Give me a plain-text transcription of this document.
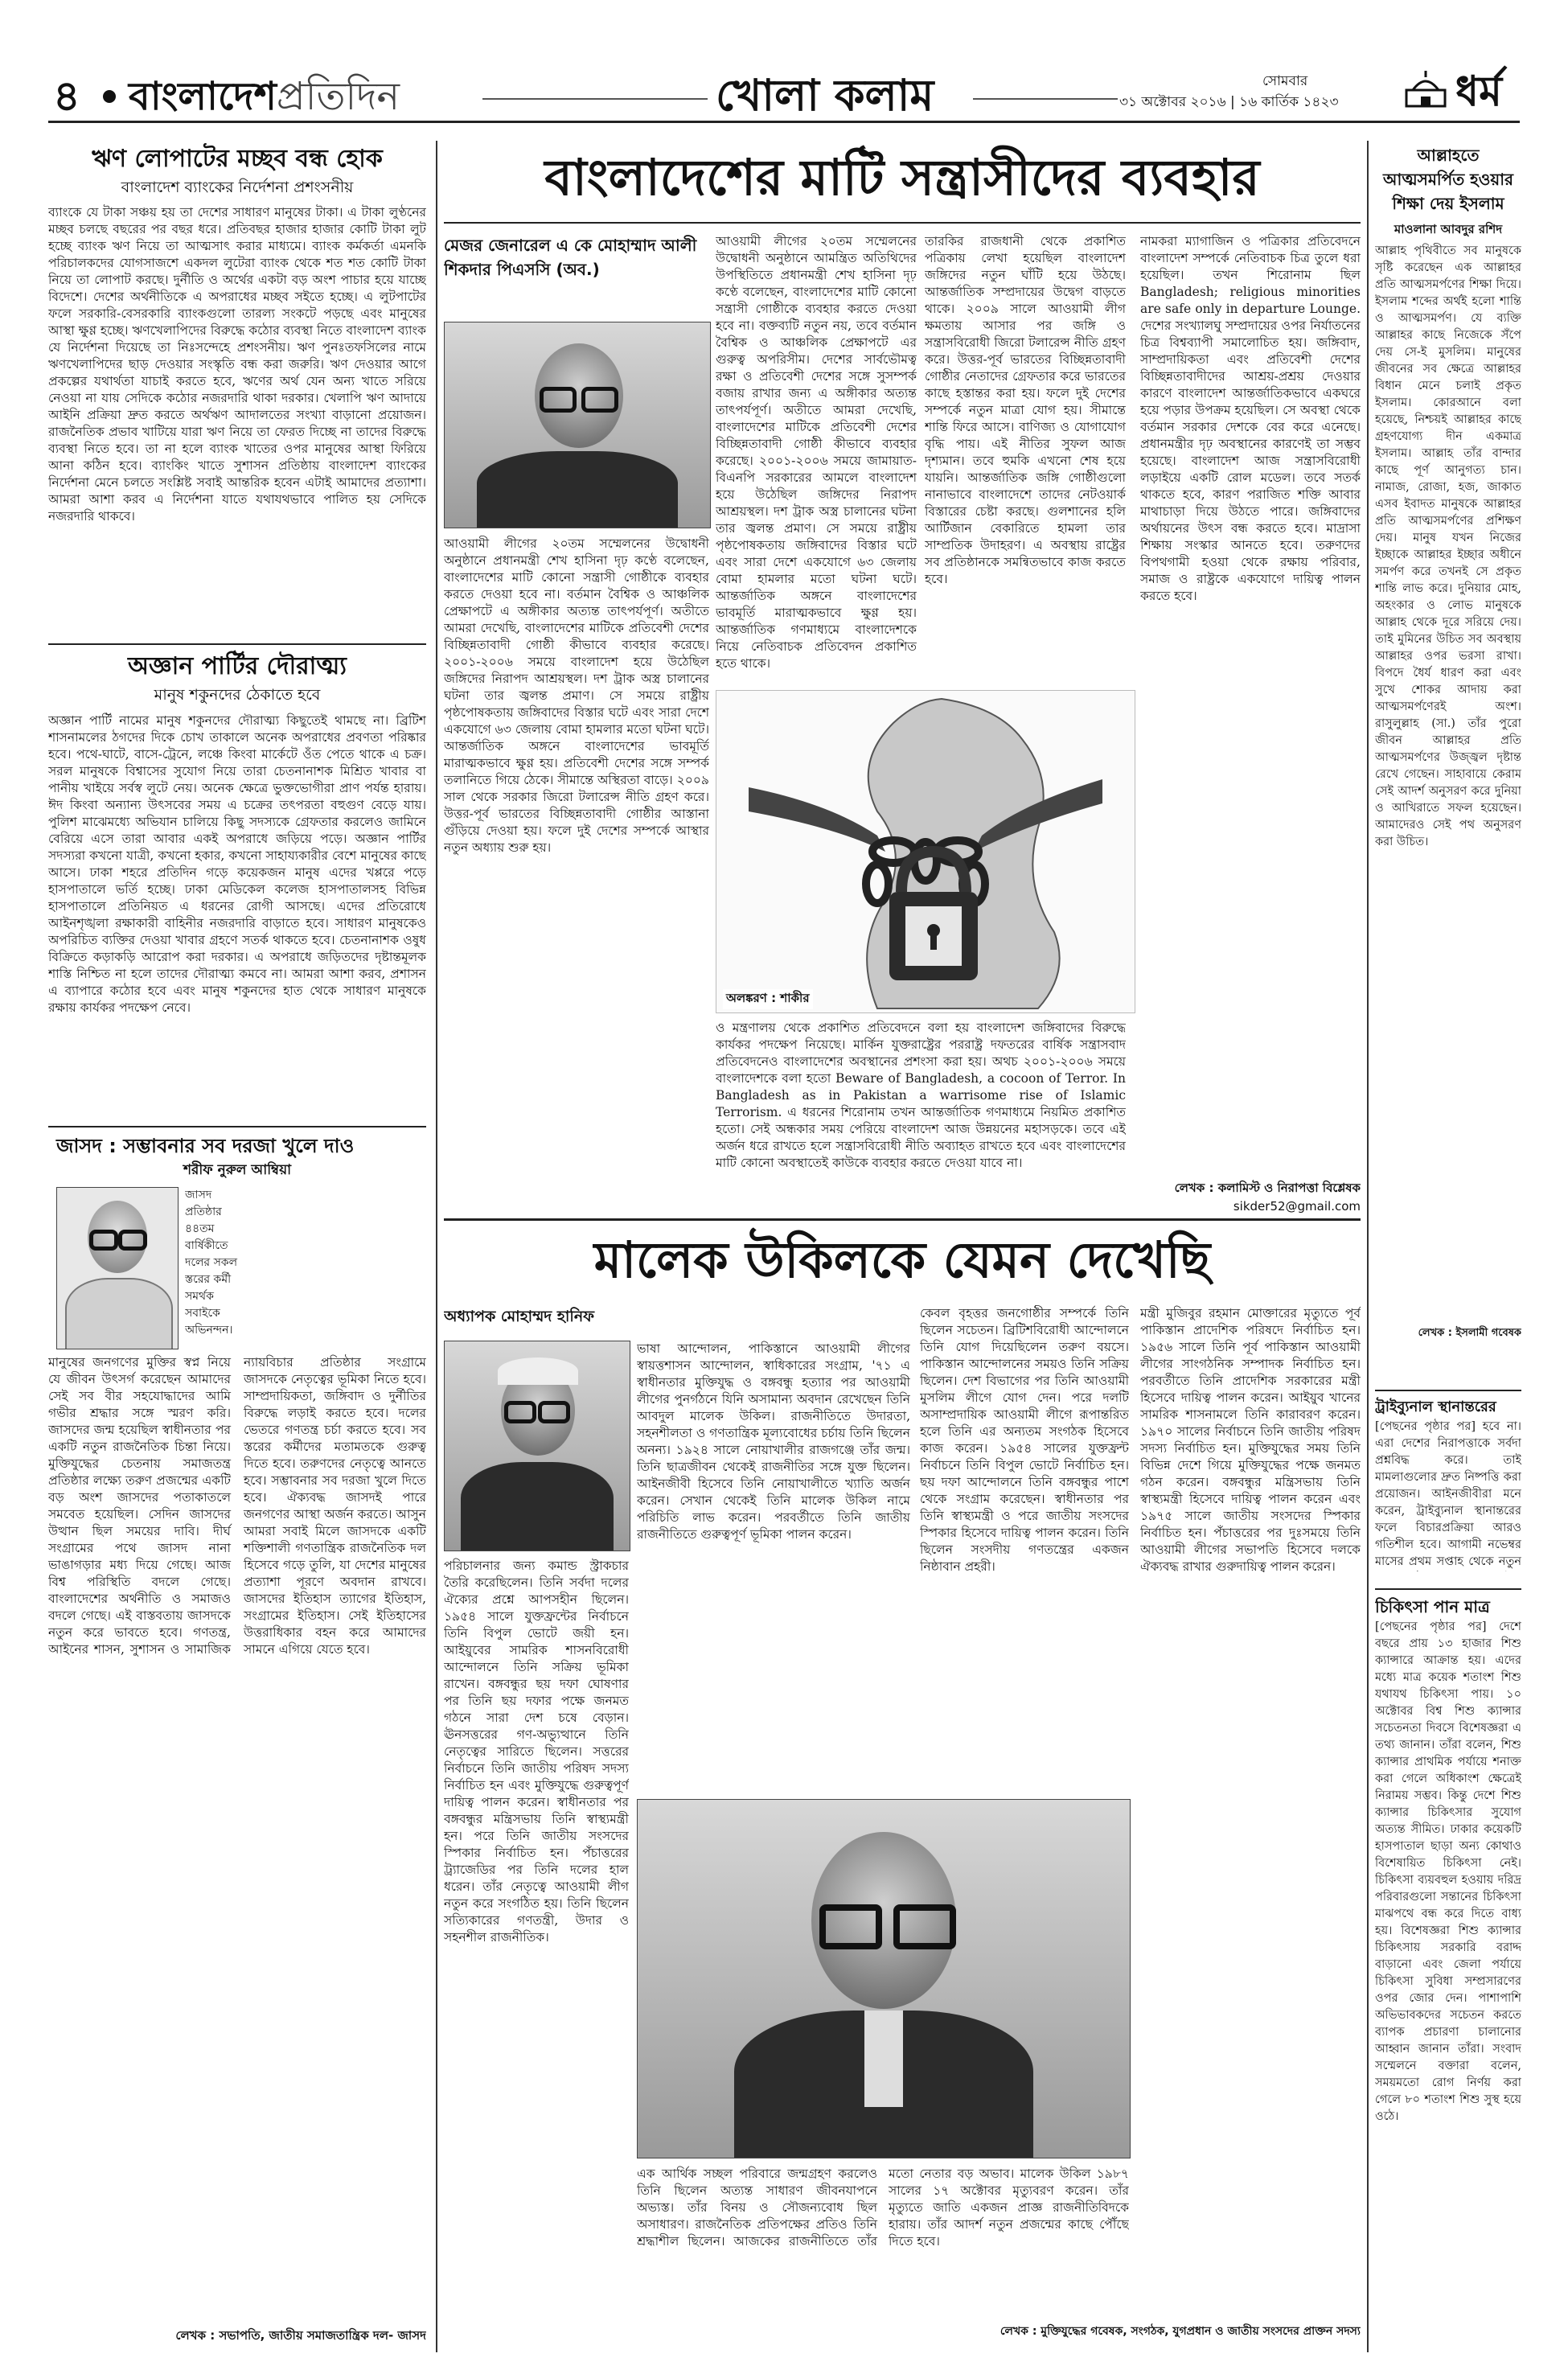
৪ বাংলাদেশপ্রতিদিন	খোলা কলাম	সোমবার
৩১ অক্টোবর ২০১৬ | ১৬ কার্তিক ১৪২৩	ধর্ম
ঋণ লোপাটের মচ্ছব বন্ধ হোক
বাংলাদেশ ব্যাংকের নির্দেশনা প্রশংসনীয়
ব্যাংকে যে টাকা সঞ্চয় হয় তা দেশের সাধারণ মানুষের টাকা। এ টাকা লুণ্ঠনের মচ্ছব চলছে বছরের পর বছর ধরে। প্রতিবছর হাজার হাজার কোটি টাকা লুট হচ্ছে ব্যাংক ঋণ নিয়ে তা আত্মসাৎ করার মাধ্যমে। ব্যাংক কর্মকর্তা এমনকি পরিচালকদের যোগসাজশে একদল লুটেরা ব্যাংক থেকে শত শত কোটি টাকা নিয়ে তা লোপাট করছে। দুর্নীতি ও অর্থের একটা বড় অংশ পাচার হয়ে যাচ্ছে বিদেশে। দেশের অর্থনীতিকে এ অপরাধের মচ্ছব সইতে হচ্ছে। এ লুটপাটের ফলে সরকারি-বেসরকারি ব্যাংকগুলো তারল্য সংকটে পড়ছে এবং মানুষের আস্থা ক্ষুণ্ণ হচ্ছে। ঋণখেলাপিদের বিরুদ্ধে কঠোর ব্যবস্থা নিতে বাংলাদেশ ব্যাংক যে নির্দেশনা দিয়েছে তা নিঃসন্দেহে প্রশংসনীয়। ঋণ পুনঃতফসিলের নামে ঋণখেলাপিদের ছাড় দেওয়ার সংস্কৃতি বন্ধ করা জরুরি। ঋণ দেওয়ার আগে প্রকল্পের যথার্থতা যাচাই করতে হবে, ঋণের অর্থ যেন অন্য খাতে সরিয়ে নেওয়া না যায় সেদিকে কঠোর নজরদারি থাকা দরকার। খেলাপি ঋণ আদায়ে আইনি প্রক্রিয়া দ্রুত করতে অর্থঋণ আদালতের সংখ্যা বাড়ানো প্রয়োজন। রাজনৈতিক প্রভাব খাটিয়ে যারা ঋণ নিয়ে তা ফেরত দিচ্ছে না তাদের বিরুদ্ধে ব্যবস্থা নিতে হবে। তা না হলে ব্যাংক খাতের ওপর মানুষের আস্থা ফিরিয়ে আনা কঠিন হবে। ব্যাংকিং খাতে সুশাসন প্রতিষ্ঠায় বাংলাদেশ ব্যাংকের নির্দেশনা মেনে চলতে সংশ্লিষ্ট সবাই আন্তরিক হবেন এটাই আমাদের প্রত্যাশা। আমরা আশা করব এ নির্দেশনা যাতে যথাযথভাবে পালিত হয় সেদিকে নজরদারি থাকবে।
অজ্ঞান পার্টির দৌরাত্ম্য
মানুষ শকুনদের ঠেকাতে হবে
অজ্ঞান পার্টি নামের মানুষ শকুনদের দৌরাত্ম্য কিছুতেই থামছে না। ব্রিটিশ শাসনামলের ঠগদের দিকে চোখ তাকালে অনেক অপরাধের প্রবণতা পরিষ্কার হবে। পথে-ঘাটে, বাসে-ট্রেনে, লঞ্চে কিংবা মার্কেটে ওঁত পেতে থাকে এ চক্র। সরল মানুষকে বিশ্বাসের সুযোগ নিয়ে তারা চেতনানাশক মিশ্রিত খাবার বা পানীয় খাইয়ে সর্বস্ব লুটে নেয়। অনেক ক্ষেত্রে ভুক্তভোগীরা প্রাণ পর্যন্ত হারায়। ঈদ কিংবা অন্যান্য উৎসবের সময় এ চক্রের তৎপরতা বহুগুণ বেড়ে যায়। পুলিশ মাঝেমধ্যে অভিযান চালিয়ে কিছু সদস্যকে গ্রেফতার করলেও জামিনে বেরিয়ে এসে তারা আবার একই অপরাধে জড়িয়ে পড়ে। অজ্ঞান পার্টির সদস্যরা কখনো যাত্রী, কখনো হকার, কখনো সাহায্যকারীর বেশে মানুষের কাছে আসে। ঢাকা শহরে প্রতিদিন গড়ে কয়েকজন মানুষ এদের খপ্পরে পড়ে হাসপাতালে ভর্তি হচ্ছে। ঢাকা মেডিকেল কলেজ হাসপাতালসহ বিভিন্ন হাসপাতালে প্রতিনিয়ত এ ধরনের রোগী আসছে। এদের প্রতিরোধে আইনশৃঙ্খলা রক্ষাকারী বাহিনীর নজরদারি বাড়াতে হবে। সাধারণ মানুষকেও অপরিচিত ব্যক্তির দেওয়া খাবার গ্রহণে সতর্ক থাকতে হবে। চেতনানাশক ওষুধ বিক্রিতে কড়াকড়ি আরোপ করা দরকার। এ অপরাধে জড়িতদের দৃষ্টান্তমূলক শাস্তি নিশ্চিত না হলে তাদের দৌরাত্ম্য কমবে না। আমরা আশা করব, প্রশাসন এ ব্যাপারে কঠোর হবে এবং মানুষ শকুনদের হাত থেকে সাধারণ মানুষকে রক্ষায় কার্যকর পদক্ষেপ নেবে।
জাসদ : সম্ভাবনার সব দরজা খুলে দাও
শরীফ নুরুল আম্বিয়া
জাসদ প্রতিষ্ঠার ৪৪তম বার্ষিকীতে দলের সকল স্তরের কর্মী সমর্থক সবাইকে অভিনন্দন।
মানুষের জনগণের মুক্তির স্বপ্ন নিয়ে যে জীবন উৎসর্গ করেছেন আমাদের সেই সব বীর সহযোদ্ধাদের আমি গভীর শ্রদ্ধার সঙ্গে স্মরণ করি। জাসদের জন্ম হয়েছিল স্বাধীনতার পর একটি নতুন রাজনৈতিক চিন্তা নিয়ে। মুক্তিযুদ্ধের চেতনায় সমাজতন্ত্র প্রতিষ্ঠার লক্ষ্যে তরুণ প্রজন্মের একটি বড় অংশ জাসদের পতাকাতলে সমবেত হয়েছিল। সেদিন জাসদের উত্থান ছিল সময়ের দাবি। দীর্ঘ সংগ্রামের পথে জাসদ নানা ভাঙাগড়ার মধ্য দিয়ে গেছে। আজ বিশ্ব পরিস্থিতি বদলে গেছে। বাংলাদেশের অর্থনীতি ও সমাজও বদলে গেছে। এই বাস্তবতায় জাসদকে নতুন করে ভাবতে হবে। গণতন্ত্র, আইনের শাসন, সুশাসন ও সামাজিক ন্যায়বিচার প্রতিষ্ঠার সংগ্রামে জাসদকে নেতৃত্বের ভূমিকা নিতে হবে। সাম্প্রদায়িকতা, জঙ্গিবাদ ও দুর্নীতির বিরুদ্ধে লড়াই করতে হবে। দলের ভেতরে গণতন্ত্র চর্চা করতে হবে। সব স্তরের কর্মীদের মতামতকে গুরুত্ব দিতে হবে। তরুণদের নেতৃত্বে আনতে হবে। সম্ভাবনার সব দরজা খুলে দিতে হবে। ঐক্যবদ্ধ জাসদই পারে জনগণের আস্থা অর্জন করতে। আসুন আমরা সবাই মিলে জাসদকে একটি শক্তিশালী গণতান্ত্রিক রাজনৈতিক দল হিসেবে গড়ে তুলি, যা দেশের মানুষের প্রত্যাশা পূরণে অবদান রাখবে। জাসদের ইতিহাস ত্যাগের ইতিহাস, সংগ্রামের ইতিহাস। সেই ইতিহাসের উত্তরাধিকার বহন করে আমাদের সামনে এগিয়ে যেতে হবে।
লেখক : সভাপতি, জাতীয় সমাজতান্ত্রিক দল- জাসদ
বাংলাদেশের মাটি সন্ত্রাসীদের ব্যবহার
মেজর জেনারেল এ কে মোহাম্মাদ আলী শিকদার পিএসসি (অব.)
আওয়ামী লীগের ২০তম সম্মেলনের উদ্বোধনী অনুষ্ঠানে আমন্ত্রিত অতিথিদের উপস্থিতিতে প্রধানমন্ত্রী শেখ হাসিনা দৃঢ় কণ্ঠে বলেছেন, বাংলাদেশের মাটি কোনো সন্ত্রাসী গোষ্ঠীকে ব্যবহার করতে দেওয়া হবে না। বক্তব্যটি নতুন নয়, তবে বর্তমান বৈশ্বিক ও আঞ্চলিক প্রেক্ষাপটে এর গুরুত্ব অপরিসীম। দেশের সার্বভৌমত্ব রক্ষা ও প্রতিবেশী দেশের সঙ্গে সুসম্পর্ক বজায় রাখার জন্য এ অঙ্গীকার অত্যন্ত তাৎপর্যপূর্ণ। অতীতে আমরা দেখেছি, বাংলাদেশের মাটিকে প্রতিবেশী দেশের বিচ্ছিন্নতাবাদী গোষ্ঠী কীভাবে ব্যবহার করেছে। ২০০১-২০০৬ সময়ে জামায়াত-বিএনপি সরকারের আমলে বাংলাদেশ হয়ে উঠেছিল জঙ্গিদের নিরাপদ আশ্রয়স্থল। দশ ট্রাক অস্ত্র চালানের ঘটনা তার জ্বলন্ত প্রমাণ। সে সময়ে রাষ্ট্রীয় পৃষ্ঠপোষকতায় জঙ্গিবাদের বিস্তার ঘটে এবং সারা দেশে একযোগে ৬৩ জেলায় বোমা হামলার মতো ঘটনা ঘটে। আন্তর্জাতিক অঙ্গনে বাংলাদেশের ভাবমূর্তি মারাত্মকভাবে ক্ষুণ্ণ হয়। আন্তর্জাতিক গণমাধ্যমে বাংলাদেশকে নিয়ে নেতিবাচক প্রতিবেদন প্রকাশিত হতে থাকে।
আওয়ামী লীগের ২০তম সম্মেলনের উদ্বোধনী অনুষ্ঠানে প্রধানমন্ত্রী শেখ হাসিনা দৃঢ় কণ্ঠে বলেছেন, বাংলাদেশের মাটি কোনো সন্ত্রাসী গোষ্ঠীকে ব্যবহার করতে দেওয়া হবে না। বর্তমান বৈশ্বিক ও আঞ্চলিক প্রেক্ষাপটে এ অঙ্গীকার অত্যন্ত তাৎপর্যপূর্ণ। অতীতে আমরা দেখেছি, বাংলাদেশের মাটিকে প্রতিবেশী দেশের বিচ্ছিন্নতাবাদী গোষ্ঠী কীভাবে ব্যবহার করেছে। ২০০১-২০০৬ সময়ে বাংলাদেশ হয়ে উঠেছিল জঙ্গিদের নিরাপদ আশ্রয়স্থল। দশ ট্রাক অস্ত্র চালানের ঘটনা তার জ্বলন্ত প্রমাণ। সে সময়ে রাষ্ট্রীয় পৃষ্ঠপোষকতায় জঙ্গিবাদের বিস্তার ঘটে এবং সারা দেশে একযোগে ৬৩ জেলায় বোমা হামলার মতো ঘটনা ঘটে। আন্তর্জাতিক অঙ্গনে বাংলাদেশের ভাবমূর্তি মারাত্মকভাবে ক্ষুণ্ণ হয়। প্রতিবেশী দেশের সঙ্গে সম্পর্ক তলানিতে গিয়ে ঠেকে। সীমান্তে অস্থিরতা বাড়ে। ২০০৯ সাল থেকে সরকার জিরো টলারেন্স নীতি গ্রহণ করে। উত্তর-পূর্ব ভারতের বিচ্ছিন্নতাবাদী গোষ্ঠীর আস্তানা গুঁড়িয়ে দেওয়া হয়। ফলে দুই দেশের সম্পর্কে আস্থার নতুন অধ্যায় শুরু হয়।
তারকির রাজধানী থেকে প্রকাশিত পত্রিকায় লেখা হয়েছিল বাংলাদেশ জঙ্গিদের নতুন ঘাঁটি হয়ে উঠছে। আন্তর্জাতিক সম্প্রদায়ের উদ্বেগ বাড়তে থাকে। ২০০৯ সালে আওয়ামী লীগ ক্ষমতায় আসার পর জঙ্গি ও সন্ত্রাসবিরোধী জিরো টলারেন্স নীতি গ্রহণ করে। উত্তর-পূর্ব ভারতের বিচ্ছিন্নতাবাদী গোষ্ঠীর নেতাদের গ্রেফতার করে ভারতের কাছে হস্তান্তর করা হয়। ফলে দুই দেশের সম্পর্কে নতুন মাত্রা যোগ হয়। সীমান্তে শান্তি ফিরে আসে। বাণিজ্য ও যোগাযোগ বৃদ্ধি পায়। এই নীতির সুফল আজ দৃশ্যমান। তবে হুমকি এখনো শেষ হয়ে যায়নি। আন্তর্জাতিক জঙ্গি গোষ্ঠীগুলো নানাভাবে বাংলাদেশে তাদের নেটওয়ার্ক বিস্তারের চেষ্টা করছে। গুলশানের হলি আর্টিজান বেকারিতে হামলা তার সাম্প্রতিক উদাহরণ। এ অবস্থায় রাষ্ট্রের সব প্রতিষ্ঠানকে সমন্বিতভাবে কাজ করতে হবে।
নামকরা ম্যাগাজিন ও পত্রিকার প্রতিবেদনে বাংলাদেশ সম্পর্কে নেতিবাচক চিত্র তুলে ধরা হয়েছিল। তখন শিরোনাম ছিল Bangladesh; religious minorities are safe only in departure Lounge. দেশের সংখ্যালঘু সম্প্রদায়ের ওপর নির্যাতনের চিত্র বিশ্বব্যাপী সমালোচিত হয়। জঙ্গিবাদ, সাম্প্রদায়িকতা এবং প্রতিবেশী দেশের বিচ্ছিন্নতাবাদীদের আশ্রয়-প্রশ্রয় দেওয়ার কারণে বাংলাদেশ আন্তর্জাতিকভাবে একঘরে হয়ে পড়ার উপক্রম হয়েছিল। সে অবস্থা থেকে বর্তমান সরকার দেশকে বের করে এনেছে। প্রধানমন্ত্রীর দৃঢ় অবস্থানের কারণেই তা সম্ভব হয়েছে। বাংলাদেশ আজ সন্ত্রাসবিরোধী লড়াইয়ে একটি রোল মডেল। তবে সতর্ক থাকতে হবে, কারণ পরাজিত শক্তি আবার মাথাচাড়া দিয়ে উঠতে পারে। জঙ্গিবাদের অর্থায়নের উৎস বন্ধ করতে হবে। মাদ্রাসা শিক্ষায় সংস্কার আনতে হবে। তরুণদের বিপথগামী হওয়া থেকে রক্ষায় পরিবার, সমাজ ও রাষ্ট্রকে একযোগে দায়িত্ব পালন করতে হবে।
অলঙ্করণ : শাকীর
ও মন্ত্রণালয় থেকে প্রকাশিত প্রতিবেদনে বলা হয় বাংলাদেশ জঙ্গিবাদের বিরুদ্ধে কার্যকর পদক্ষেপ নিয়েছে। মার্কিন যুক্তরাষ্ট্রের পররাষ্ট্র দফতরের বার্ষিক সন্ত্রাসবাদ প্রতিবেদনেও বাংলাদেশের অবস্থানের প্রশংসা করা হয়। অথচ ২০০১-২০০৬ সময়ে বাংলাদেশকে বলা হতো Beware of Bangladesh, a cocoon of Terror. In Bangladesh as in Pakistan a warrisome rise of Islamic Terrorism. এ ধরনের শিরোনাম তখন আন্তর্জাতিক গণমাধ্যমে নিয়মিত প্রকাশিত হতো। সেই অন্ধকার সময় পেরিয়ে বাংলাদেশ আজ উন্নয়নের মহাসড়কে। তবে এই অর্জন ধরে রাখতে হলে সন্ত্রাসবিরোধী নীতি অব্যাহত রাখতে হবে এবং বাংলাদেশের মাটি কোনো অবস্থাতেই কাউকে ব্যবহার করতে দেওয়া যাবে না।
লেখক : কলামিস্ট ও নিরাপত্তা বিশ্লেষক
sikder52@gmail.com
মালেক উকিলকে যেমন দেখেছি
অধ্যাপক মোহাম্মদ হানিফ
ভাষা আন্দোলন, পাকিস্তানে আওয়ামী লীগের স্বায়ত্তশাসন আন্দোলন, স্বাধিকারের সংগ্রাম, '৭১ এ স্বাধীনতার মুক্তিযুদ্ধ ও বঙ্গবন্ধু হত্যার পর আওয়ামী লীগের পুনর্গঠনে যিনি অসামান্য অবদান রেখেছেন তিনি আবদুল মালেক উকিল। রাজনীতিতে উদারতা, সহনশীলতা ও গণতান্ত্রিক মূল্যবোধের চর্চায় তিনি ছিলেন অনন্য। ১৯২৪ সালে নোয়াখালীর রাজগঞ্জে তাঁর জন্ম। তিনি ছাত্রজীবন থেকেই রাজনীতির সঙ্গে যুক্ত ছিলেন। আইনজীবী হিসেবে তিনি নোয়াখালীতে খ্যাতি অর্জন করেন। সেখান থেকেই তিনি মালেক উকিল নামে পরিচিতি লাভ করেন। পরবর্তীতে তিনি জাতীয় রাজনীতিতে গুরুত্বপূর্ণ ভূমিকা পালন করেন।
পরিচালনার জন্য কমান্ড স্ট্রাকচার তৈরি করেছিলেন। তিনি সর্বদা দলের ঐক্যের প্রশ্নে আপসহীন ছিলেন। ১৯৫৪ সালে যুক্তফ্রন্টের নির্বাচনে তিনি বিপুল ভোটে জয়ী হন। আইয়ুবের সামরিক শাসনবিরোধী আন্দোলনে তিনি সক্রিয় ভূমিকা রাখেন। বঙ্গবন্ধুর ছয় দফা ঘোষণার পর তিনি ছয় দফার পক্ষে জনমত গঠনে সারা দেশ চষে বেড়ান। ঊনসত্তরের গণ-অভ্যুত্থানে তিনি নেতৃত্বের সারিতে ছিলেন। সত্তরের নির্বাচনে তিনি জাতীয় পরিষদ সদস্য নির্বাচিত হন এবং মুক্তিযুদ্ধে গুরুত্বপূর্ণ দায়িত্ব পালন করেন। স্বাধীনতার পর বঙ্গবন্ধুর মন্ত্রিসভায় তিনি স্বাস্থ্যমন্ত্রী হন। পরে তিনি জাতীয় সংসদের স্পিকার নির্বাচিত হন। পঁচাত্তরের ট্র্যাজেডির পর তিনি দলের হাল ধরেন। তাঁর নেতৃত্বে আওয়ামী লীগ নতুন করে সংগঠিত হয়। তিনি ছিলেন সত্যিকারের গণতন্ত্রী, উদার ও সহনশীল রাজনীতিক।
কেবল বৃহত্তর জনগোষ্ঠীর সম্পর্কে তিনি ছিলেন সচেতন। ব্রিটিশবিরোধী আন্দোলনে তিনি যোগ দিয়েছিলেন তরুণ বয়সে। পাকিস্তান আন্দোলনের সময়ও তিনি সক্রিয় ছিলেন। দেশ বিভাগের পর তিনি আওয়ামী মুসলিম লীগে যোগ দেন। পরে দলটি অসাম্প্রদায়িক আওয়ামী লীগে রূপান্তরিত হলে তিনি এর অন্যতম সংগঠক হিসেবে কাজ করেন। ১৯৫৪ সালের যুক্তফ্রন্ট নির্বাচনে তিনি বিপুল ভোটে নির্বাচিত হন। ছয় দফা আন্দোলনে তিনি বঙ্গবন্ধুর পাশে থেকে সংগ্রাম করেছেন। স্বাধীনতার পর তিনি স্বাস্থ্যমন্ত্রী ও পরে জাতীয় সংসদের স্পিকার হিসেবে দায়িত্ব পালন করেন। তিনি ছিলেন সংসদীয় গণতন্ত্রের একজন নিষ্ঠাবান প্রহরী।
মন্ত্রী মুজিবুর রহমান মোক্তারের মৃত্যুতে পূর্ব পাকিস্তান প্রাদেশিক পরিষদে নির্বাচিত হন। ১৯৫৬ সালে তিনি পূর্ব পাকিস্তান আওয়ামী লীগের সাংগঠনিক সম্পাদক নির্বাচিত হন। পরবর্তীতে তিনি প্রাদেশিক সরকারের মন্ত্রী হিসেবে দায়িত্ব পালন করেন। আইয়ুব খানের সামরিক শাসনামলে তিনি কারাবরণ করেন। ১৯৭০ সালের নির্বাচনে তিনি জাতীয় পরিষদ সদস্য নির্বাচিত হন। মুক্তিযুদ্ধের সময় তিনি বিভিন্ন দেশে গিয়ে মুক্তিযুদ্ধের পক্ষে জনমত গঠন করেন। বঙ্গবন্ধুর মন্ত্রিসভায় তিনি স্বাস্থ্যমন্ত্রী হিসেবে দায়িত্ব পালন করেন এবং ১৯৭৫ সালে জাতীয় সংসদের স্পিকার নির্বাচিত হন। পঁচাত্তরের পর দুঃসময়ে তিনি আওয়ামী লীগের সভাপতি হিসেবে দলকে ঐক্যবদ্ধ রাখার গুরুদায়িত্ব পালন করেন।
এক আর্থিক সচ্ছল পরিবারে জন্মগ্রহণ করলেও তিনি ছিলেন অত্যন্ত সাধারণ জীবনযাপনে অভ্যস্ত। তাঁর বিনয় ও সৌজন্যবোধ ছিল অসাধারণ। রাজনৈতিক প্রতিপক্ষের প্রতিও তিনি শ্রদ্ধাশীল ছিলেন। আজকের রাজনীতিতে তাঁর মতো নেতার বড় অভাব। মালেক উকিল ১৯৮৭ সালের ১৭ অক্টোবর মৃত্যুবরণ করেন। তাঁর মৃত্যুতে জাতি একজন প্রাজ্ঞ রাজনীতিবিদকে হারায়। তাঁর আদর্শ নতুন প্রজন্মের কাছে পৌঁছে দিতে হবে।
লেখক : মুক্তিযুদ্ধের গবেষক, সংগঠক, যুগপ্রধান ও জাতীয় সংসদের প্রাক্তন সদস্য
আল্লাহতে আত্মসমর্পিত হওয়ার শিক্ষা দেয় ইসলাম
মাওলানা আবদুর রশিদ
আল্লাহ পৃথিবীতে সব মানুষকে সৃষ্টি করেছেন এক আল্লাহর প্রতি আত্মসমর্পণের শিক্ষা দিয়ে। ইসলাম শব্দের অর্থই হলো শান্তি ও আত্মসমর্পণ। যে ব্যক্তি আল্লাহর কাছে নিজেকে সঁপে দেয় সে-ই মুসলিম। মানুষের জীবনের সব ক্ষেত্রে আল্লাহর বিধান মেনে চলাই প্রকৃত ইসলাম। কোরআনে বলা হয়েছে, নিশ্চয়ই আল্লাহর কাছে গ্রহণযোগ্য দীন একমাত্র ইসলাম। আল্লাহ তাঁর বান্দার কাছে পূর্ণ আনুগত্য চান। নামাজ, রোজা, হজ, জাকাত এসব ইবাদত মানুষকে আল্লাহর প্রতি আত্মসমর্পণের প্রশিক্ষণ দেয়। মানুষ যখন নিজের ইচ্ছাকে আল্লাহর ইচ্ছার অধীনে সমর্পণ করে তখনই সে প্রকৃত শান্তি লাভ করে। দুনিয়ার মোহ, অহংকার ও লোভ মানুষকে আল্লাহ থেকে দূরে সরিয়ে দেয়। তাই মুমিনের উচিত সব অবস্থায় আল্লাহর ওপর ভরসা রাখা। বিপদে ধৈর্য ধারণ করা এবং সুখে শোকর আদায় করা আত্মসমর্পণেরই অংশ। রাসুলুল্লাহ (সা.) তাঁর পুরো জীবন আল্লাহর প্রতি আত্মসমর্পণের উজ্জ্বল দৃষ্টান্ত রেখে গেছেন। সাহাবায়ে কেরাম সেই আদর্শ অনুসরণ করে দুনিয়া ও আখিরাতে সফল হয়েছেন। আমাদেরও সেই পথ অনুসরণ করা উচিত।
লেখক : ইসলামী গবেষক
ট্রাইব্যুনাল স্থানান্তরের
[পেছনের পৃষ্ঠার পর] হবে না। এরা দেশের নিরাপত্তাকে সর্বদা প্রশ্নবিদ্ধ করে। তাই মামলাগুলোর দ্রুত নিষ্পত্তি করা প্রয়োজন। আইনজীবীরা মনে করেন, ট্রাইব্যুনাল স্থানান্তরের ফলে বিচারপ্রক্রিয়া আরও গতিশীল হবে। আগামী নভেম্বর মাসের প্রথম সপ্তাহ থেকে নতুন
চিকিৎসা পান মাত্র
[পেছনের পৃষ্ঠার পর] দেশে বছরে প্রায় ১৩ হাজার শিশু ক্যান্সারে আক্রান্ত হয়। এদের মধ্যে মাত্র কয়েক শতাংশ শিশু যথাযথ চিকিৎসা পায়। ১০ অক্টোবর বিশ্ব শিশু ক্যান্সার সচেতনতা দিবসে বিশেষজ্ঞরা এ তথ্য জানান। তাঁরা বলেন, শিশু ক্যান্সার প্রাথমিক পর্যায়ে শনাক্ত করা গেলে অধিকাংশ ক্ষেত্রেই নিরাময় সম্ভব। কিন্তু দেশে শিশু ক্যান্সার চিকিৎসার সুযোগ অত্যন্ত সীমিত। ঢাকার কয়েকটি হাসপাতাল ছাড়া অন্য কোথাও বিশেষায়িত চিকিৎসা নেই। চিকিৎসা ব্যয়বহুল হওয়ায় দরিদ্র পরিবারগুলো সন্তানের চিকিৎসা মাঝপথে বন্ধ করে দিতে বাধ্য হয়। বিশেষজ্ঞরা শিশু ক্যান্সার চিকিৎসায় সরকারি বরাদ্দ বাড়ানো এবং জেলা পর্যায়ে চিকিৎসা সুবিধা সম্প্রসারণের ওপর জোর দেন। পাশাপাশি অভিভাবকদের সচেতন করতে ব্যাপক প্রচারণা চালানোর আহ্বান জানান তাঁরা। সংবাদ সম্মেলনে বক্তারা বলেন, সময়মতো রোগ নির্ণয় করা গেলে ৮০ শতাংশ শিশু সুস্থ হয়ে ওঠে।
